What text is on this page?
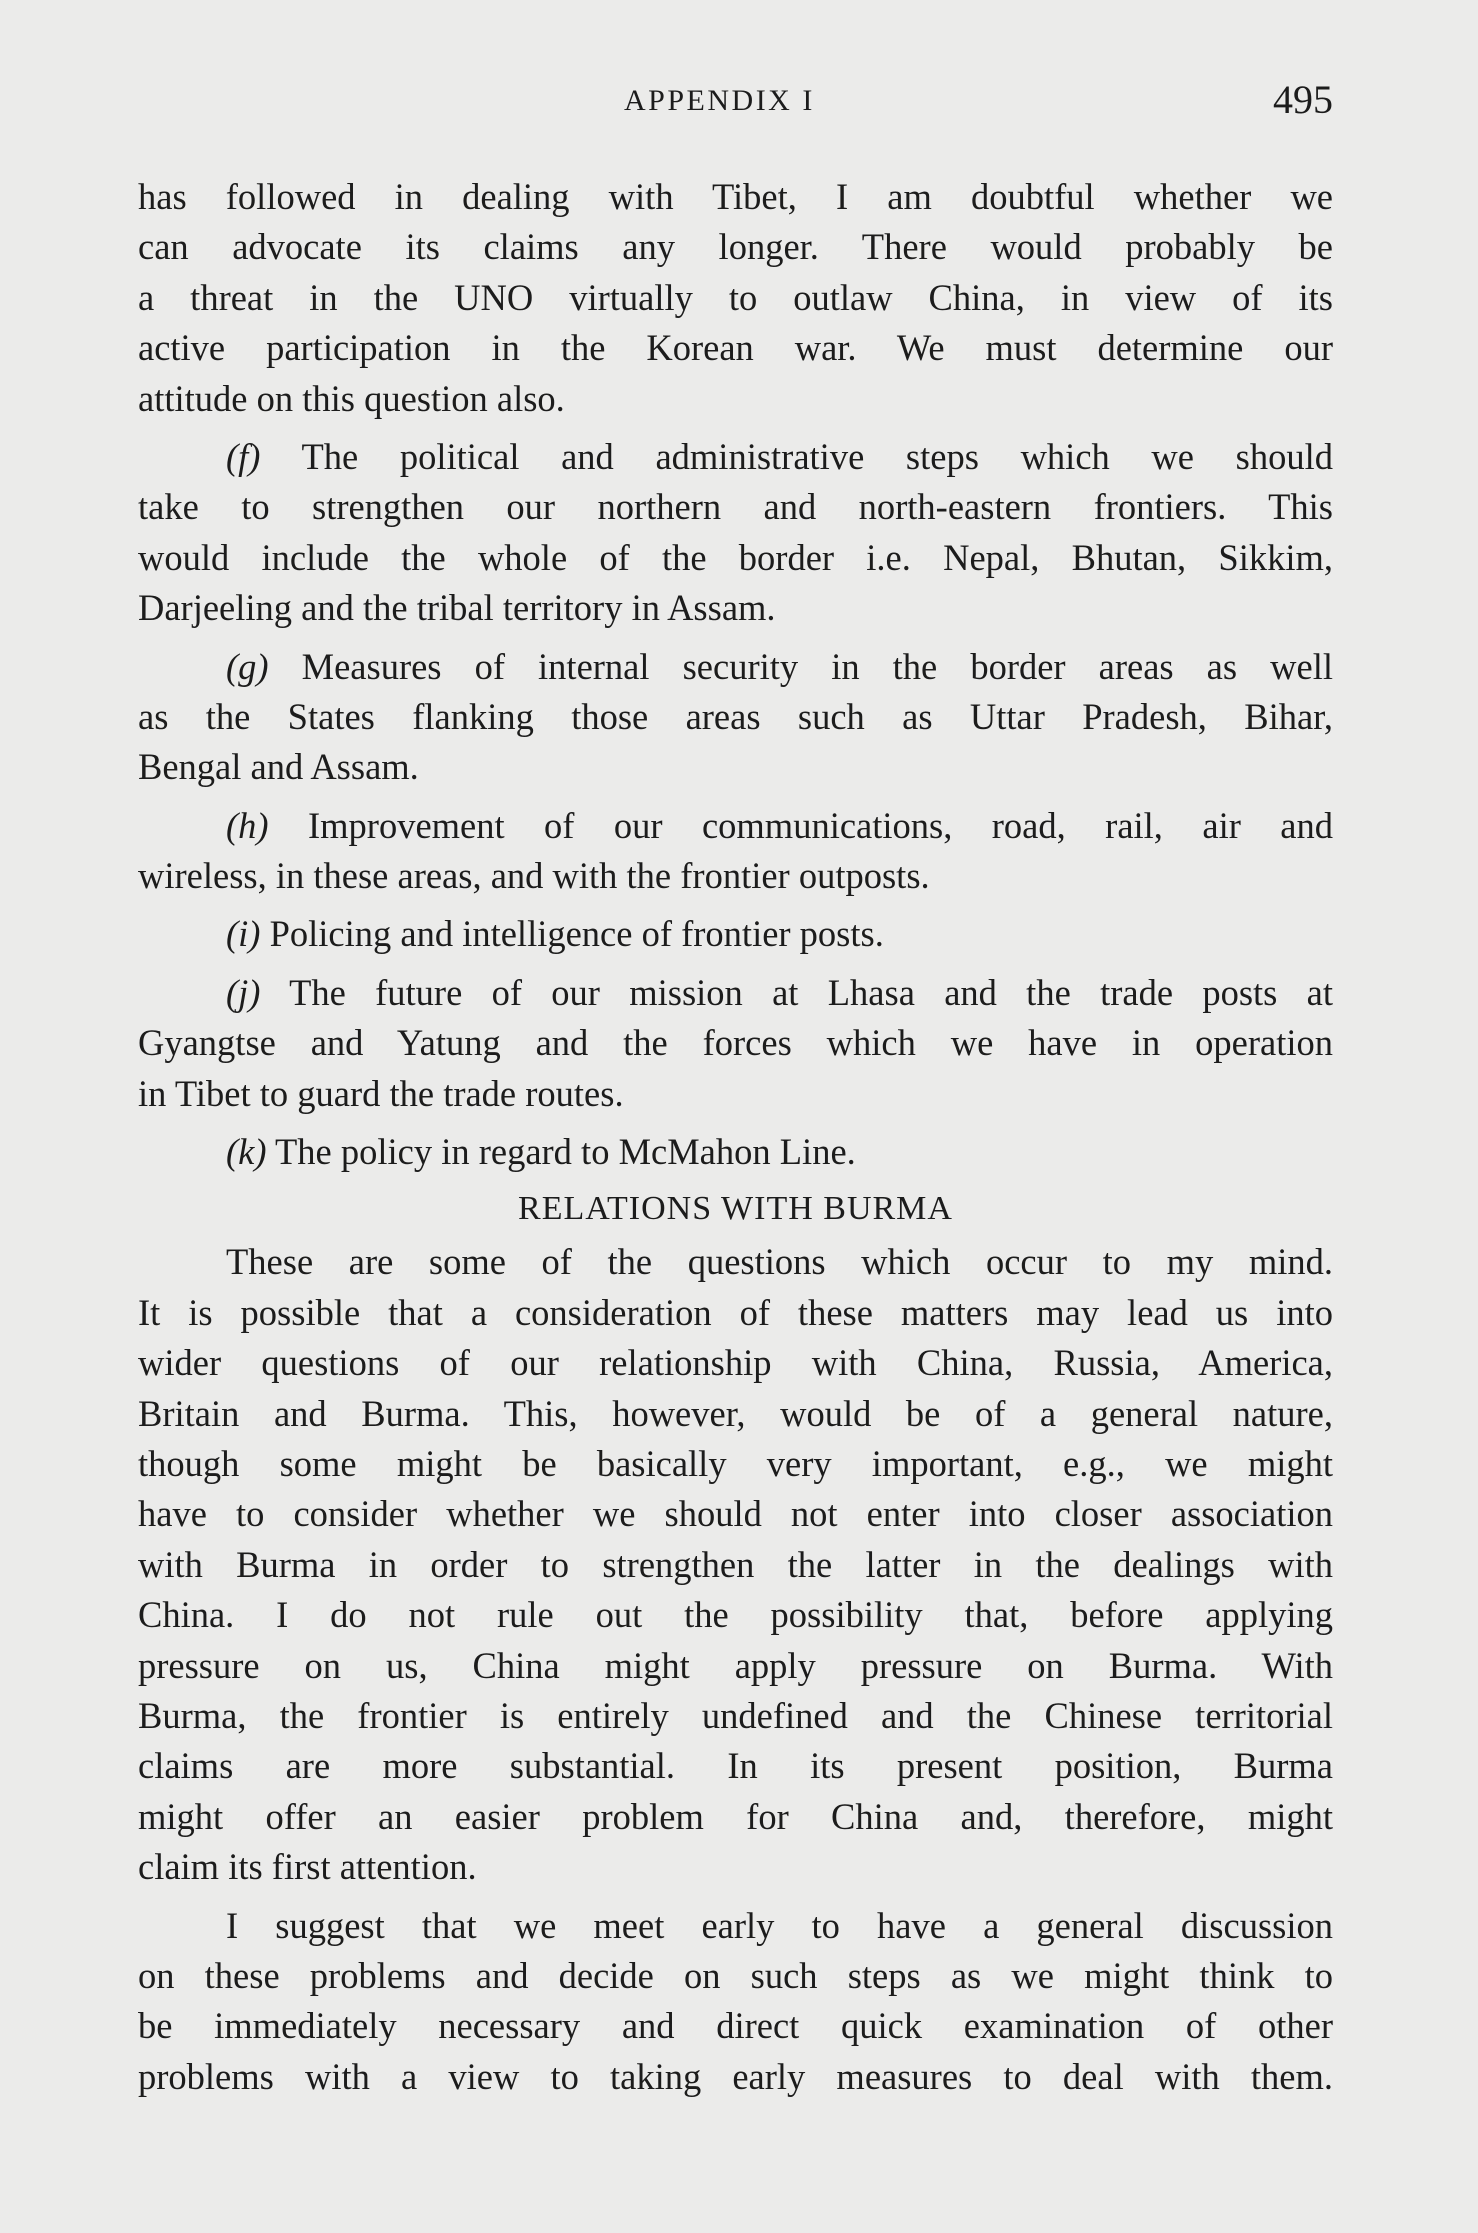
APPENDIX I	495
has followed in dealing with Tibet, I am doubtful whether we
can advocate its claims any longer. There would probably be
a threat in the UNO virtually to outlaw China, in view of its
active participation in the Korean war. We must determine our
attitude on this question also.
(f) The political and administrative steps which we should
take to strengthen our northern and north-eastern frontiers. This
would include the whole of the border i.e. Nepal, Bhutan, Sikkim,
Darjeeling and the tribal territory in Assam.
(g) Measures of internal security in the border areas as well
as the States flanking those areas such as Uttar Pradesh, Bihar,
Bengal and Assam.
(h) Improvement of our communications, road, rail, air and
wireless, in these areas, and with the frontier outposts.
(i) Policing and intelligence of frontier posts.
(j) The future of our mission at Lhasa and the trade posts at
Gyangtse and Yatung and the forces which we have in operation
in Tibet to guard the trade routes.
(k) The policy in regard to McMahon Line.
RELATIONS WITH BURMA
These are some of the questions which occur to my mind.
It is possible that a consideration of these matters may lead us into
wider questions of our relationship with China, Russia, America,
Britain and Burma. This, however, would be of a general nature,
though some might be basically very important, e.g., we might
have to consider whether we should not enter into closer association
with Burma in order to strengthen the latter in the dealings with
China. I do not rule out the possibility that, before applying
pressure on us, China might apply pressure on Burma. With
Burma, the frontier is entirely undefined and the Chinese territorial
claims are more substantial. In its present position, Burma
might offer an easier problem for China and, therefore, might
claim its first attention.
I suggest that we meet early to have a general discussion
on these problems and decide on such steps as we might think to
be immediately necessary and direct quick examination of other
problems with a view to taking early measures to deal with them.
